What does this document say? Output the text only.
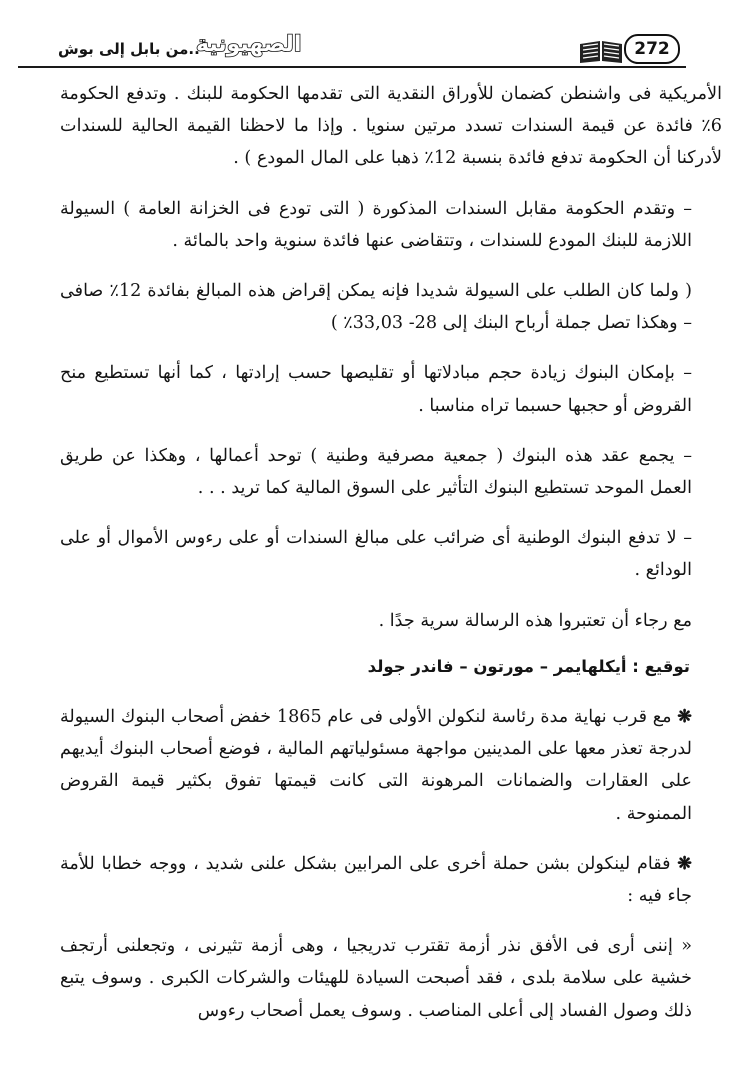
..من بابل إلى بوش
الصهيونية	272

الأمريكية فى واشنطن كضمان للأوراق النقدية التى تقدمها الحكومة للبنك . وتدفع الحكومة 6٪ فائدة عن قيمة السندات تسدد مرتين سنويا . وإذا ما لاحظنا القيمة الحالية للسندات لأدركنا أن الحكومة تدفع فائدة بنسبة 12٪ ذهبا على المال المودع ) .

– وتقدم الحكومة مقابل السندات المذكورة ( التى تودع فى الخزانة العامة ) السيولة اللازمة للبنك المودع للسندات ، وتتقاضى عنها فائدة سنوية واحد بالمائة .

( ولما كان الطلب على السيولة شديدا فإنه يمكن إقراض هذه المبالغ بفائدة 12٪ صافى – وهكذا تصل جملة أرباح البنك إلى 28- 33,03٪ )

– بإمكان البنوك زيادة حجم مبادلاتها أو تقليصها حسب إرادتها ، كما أنها تستطيع منح القروض أو حجبها حسبما تراه مناسبا .

– يجمع عقد هذه البنوك ( جمعية مصرفية وطنية ) توحد أعمالها ، وهكذا عن طريق العمل الموحد تستطيع البنوك التأثير على السوق المالية كما تريد . . .

– لا تدفع البنوك الوطنية أى ضرائب على مبالغ السندات أو على رءوس الأموال أو على الودائع .

مع رجاء أن تعتبروا هذه الرسالة سرية جدًا .

توقيع : أيكلهايمر – مورتون – فاندر جولد

❋ مع قرب نهاية مدة رئاسة لنكولن الأولى فى عام 1865 خفض أصحاب البنوك السيولة لدرجة تعذر معها على المدينين مواجهة مسئولياتهم المالية ، فوضع أصحاب البنوك أيديهم على العقارات والضمانات المرهونة التى كانت قيمتها تفوق بكثير قيمة القروض الممنوحة .

❋ فقام لينكولن بشن حملة أخرى على المرابين بشكل علنى شديد ، ووجه خطابا للأمة جاء فيه :

« إننى أرى فى الأفق نذر أزمة تقترب تدريجيا ، وهى أزمة تثيرنى ، وتجعلنى أرتجف خشية على سلامة بلدى ، فقد أصبحت السيادة للهيئات والشركات الكبرى . وسوف يتبع ذلك وصول الفساد إلى أعلى المناصب . وسوف يعمل أصحاب رءوس
